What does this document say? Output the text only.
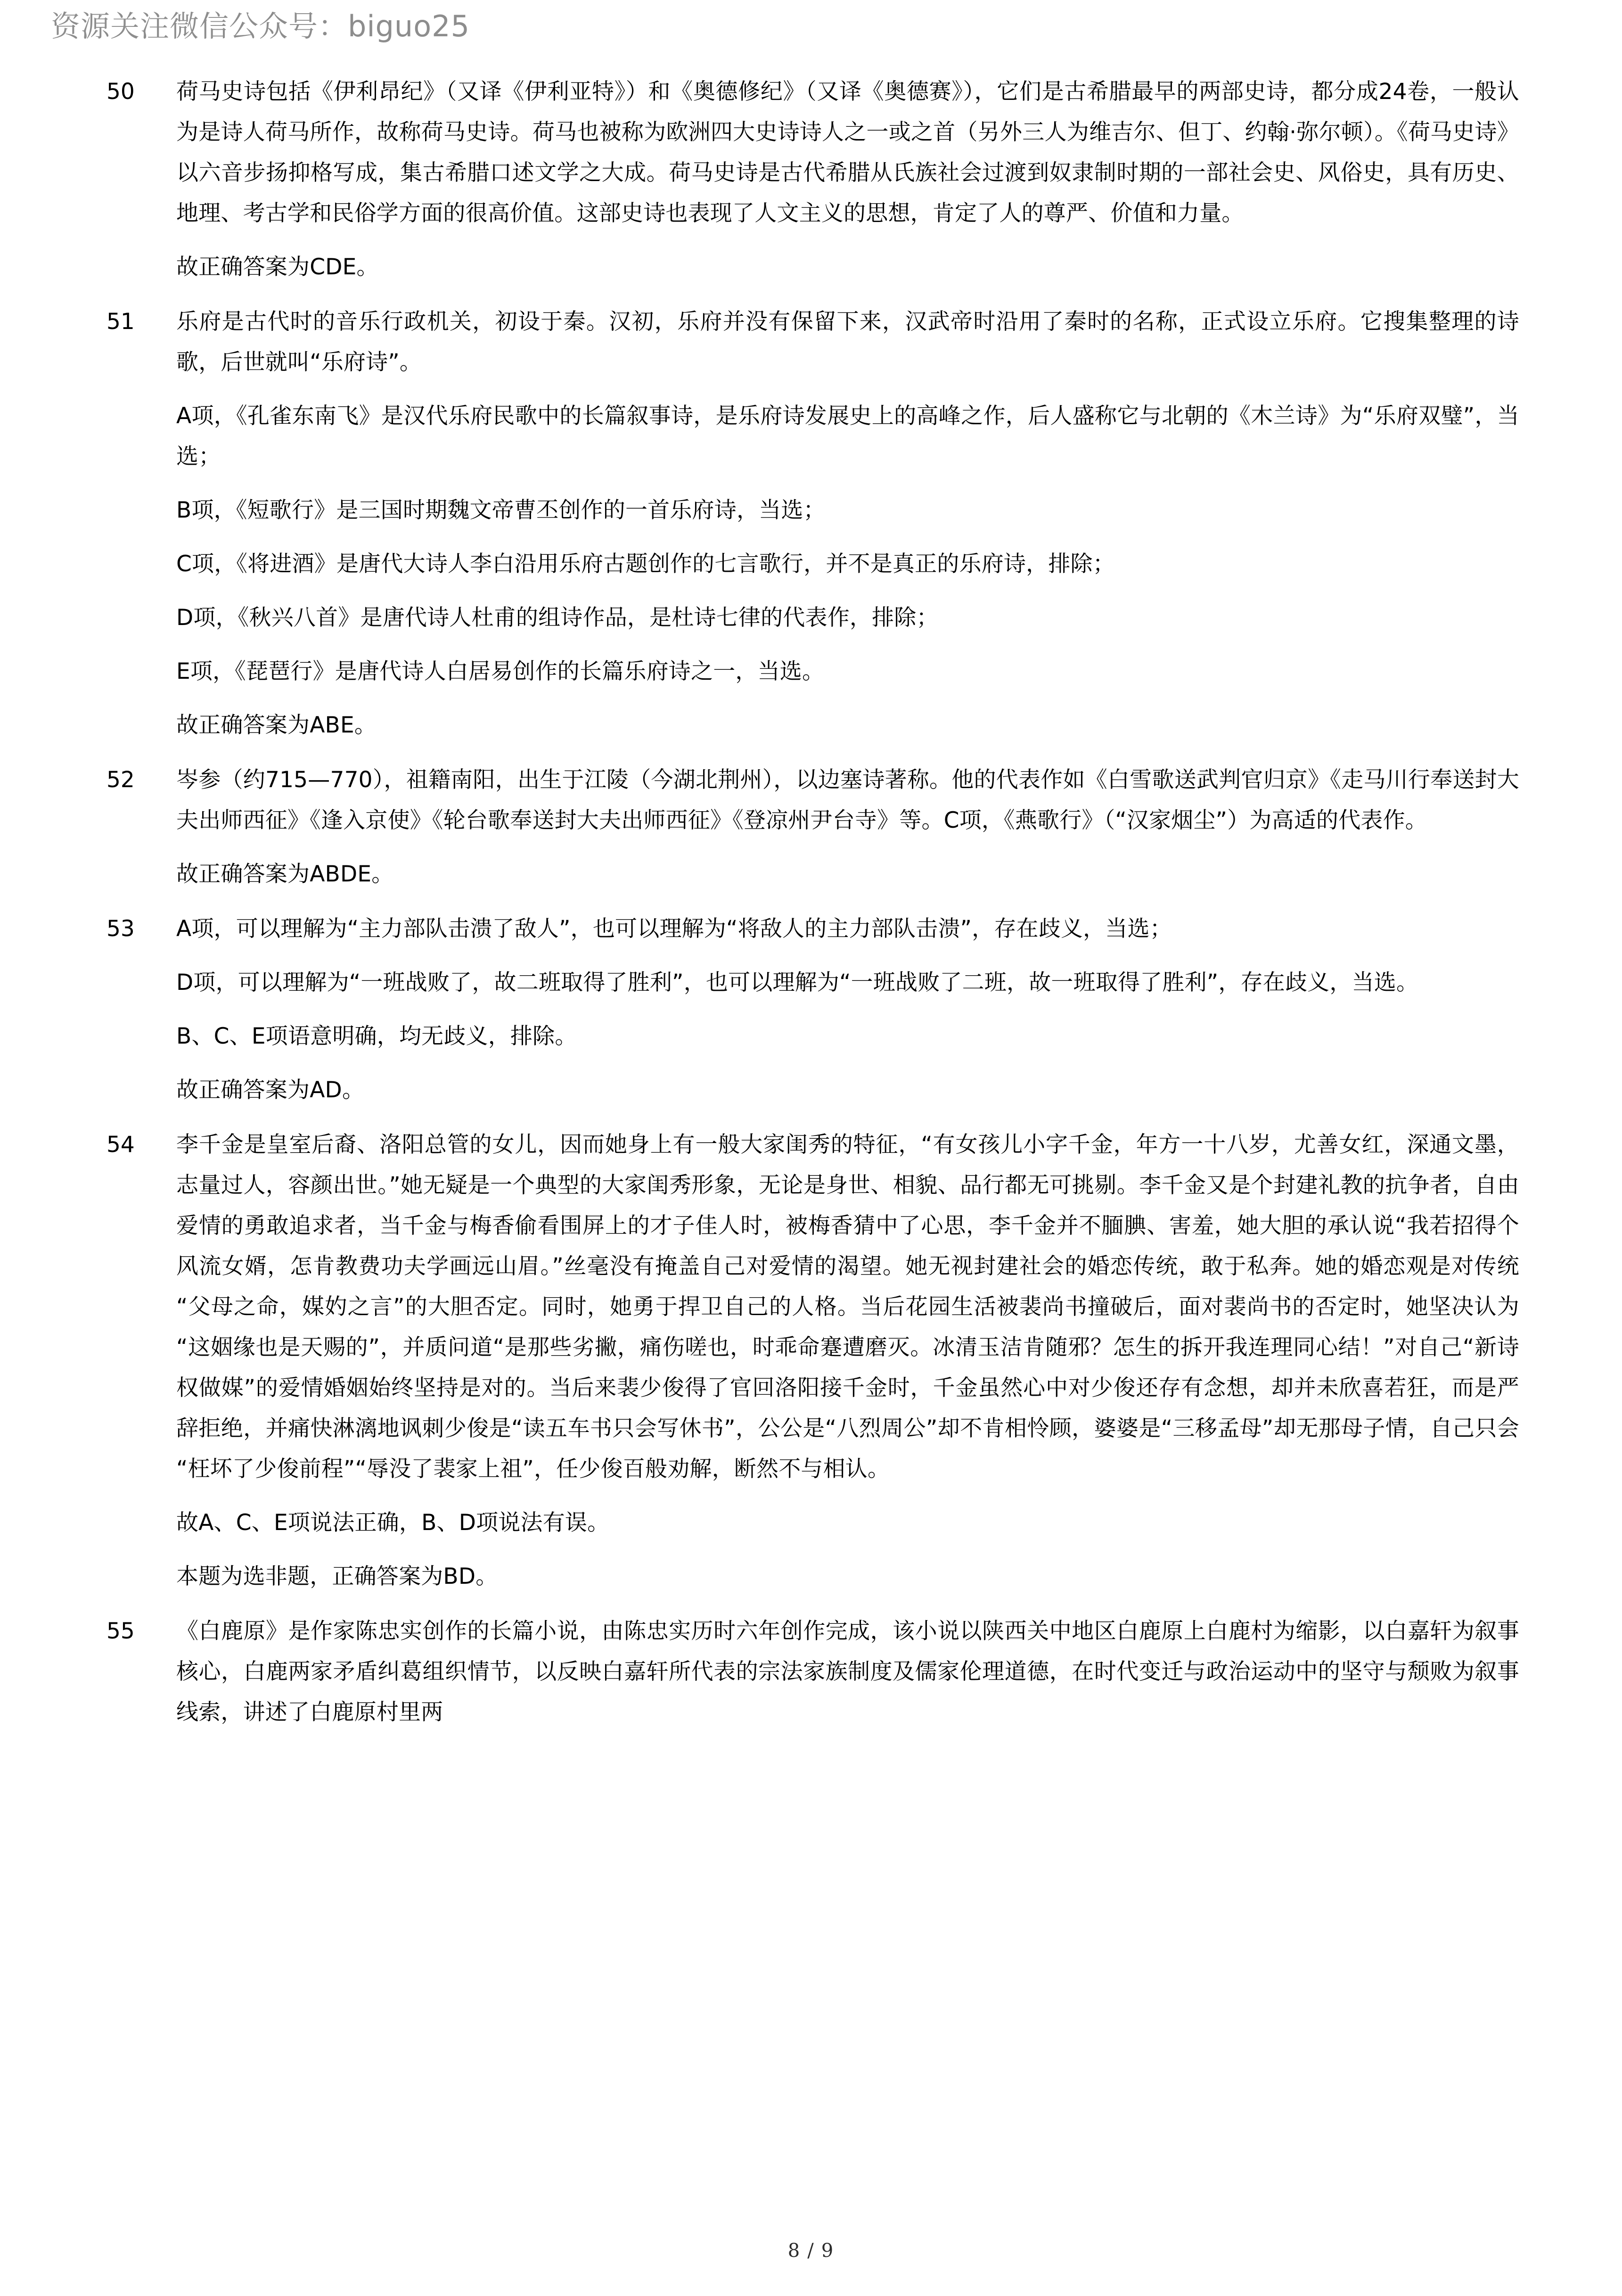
资源关注微信公众号：biguo25
50	荷马史诗包括《伊利昂纪》（又译《伊利亚特》）和《奥德修纪》（又译《奥德赛》），它们是古希腊最早的两部史诗，都分成24卷，一般认为是诗人荷马所作，故称荷马史诗。荷马也被称为欧洲四大史诗诗人之一或之首（另外三人为维吉尔、但丁、约翰·弥尔顿）。《荷马史诗》以六音步扬抑格写成，集古希腊口述文学之大成。荷马史诗是古代希腊从氏族社会过渡到奴隶制时期的一部社会史、风俗史，具有历史、地理、考古学和民俗学方面的很高价值。这部史诗也表现了人文主义的思想，肯定了人的尊严、价值和力量。

故正确答案为CDE。

51	乐府是古代时的音乐行政机关，初设于秦。汉初，乐府并没有保留下来，汉武帝时沿用了秦时的名称，正式设立乐府。它搜集整理的诗歌，后世就叫“乐府诗”。

A项，《孔雀东南飞》是汉代乐府民歌中的长篇叙事诗，是乐府诗发展史上的高峰之作，后人盛称它与北朝的《木兰诗》为“乐府双璧”，当选；

B项，《短歌行》是三国时期魏文帝曹丕创作的一首乐府诗，当选；

C项，《将进酒》是唐代大诗人李白沿用乐府古题创作的七言歌行，并不是真正的乐府诗，排除；

D项，《秋兴八首》是唐代诗人杜甫的组诗作品，是杜诗七律的代表作，排除；

E项，《琵琶行》是唐代诗人白居易创作的长篇乐府诗之一，当选。

故正确答案为ABE。

52	岑参（约715—770），祖籍南阳，出生于江陵（今湖北荆州），以边塞诗著称。他的代表作如《白雪歌送武判官归京》《走马川行奉送封大夫出师西征》《逢入京使》《轮台歌奉送封大夫出师西征》《登凉州尹台寺》等。C项，《燕歌行》（“汉家烟尘”）为高适的代表作。

故正确答案为ABDE。

53	A项，可以理解为“主力部队击溃了敌人”，也可以理解为“将敌人的主力部队击溃”，存在歧义，当选；

D项，可以理解为“一班战败了，故二班取得了胜利”，也可以理解为“一班战败了二班，故一班取得了胜利”，存在歧义，当选。

B、C、E项语意明确，均无歧义，排除。

故正确答案为AD。

54	李千金是皇室后裔、洛阳总管的女儿，因而她身上有一般大家闺秀的特征，“有女孩儿小字千金，年方一十八岁，尤善女红，深通文墨，志量过人，容颜出世。”她无疑是一个典型的大家闺秀形象，无论是身世、相貌、品行都无可挑剔。李千金又是个封建礼教的抗争者，自由爱情的勇敢追求者，当千金与梅香偷看围屏上的才子佳人时，被梅香猜中了心思，李千金并不腼腆、害羞，她大胆的承认说“我若招得个风流女婿，怎肯教费功夫学画远山眉。”丝毫没有掩盖自己对爱情的渴望。她无视封建社会的婚恋传统，敢于私奔。她的婚恋观是对传统“父母之命，媒妁之言”的大胆否定。同时，她勇于捍卫自己的人格。当后花园生活被裴尚书撞破后，面对裴尚书的否定时，她坚决认为“这姻缘也是天赐的”，并质问道“是那些劣撇，痛伤嗟也，时乖命蹇遭磨灭。冰清玉洁肯随邪？怎生的拆开我连理同心结！”对自己“新诗权做媒”的爱情婚姻始终坚持是对的。当后来裴少俊得了官回洛阳接千金时，千金虽然心中对少俊还存有念想，却并未欣喜若狂，而是严辞拒绝，并痛快淋漓地讽刺少俊是“读五车书只会写休书”，公公是“八烈周公”却不肯相怜顾，婆婆是“三移孟母”却无那母子情，自己只会“枉坏了少俊前程”“辱没了裴家上祖”，任少俊百般劝解，断然不与相认。

故A、C、E项说法正确，B、D项说法有误。

本题为选非题，正确答案为BD。

55	《白鹿原》是作家陈忠实创作的长篇小说，由陈忠实历时六年创作完成，该小说以陕西关中地区白鹿原上白鹿村为缩影，以白嘉轩为叙事核心，白鹿两家矛盾纠葛组织情节，以反映白嘉轩所代表的宗法家族制度及儒家伦理道德，在时代变迁与政治运动中的坚守与颓败为叙事线索，讲述了白鹿原村里两

8 / 9
